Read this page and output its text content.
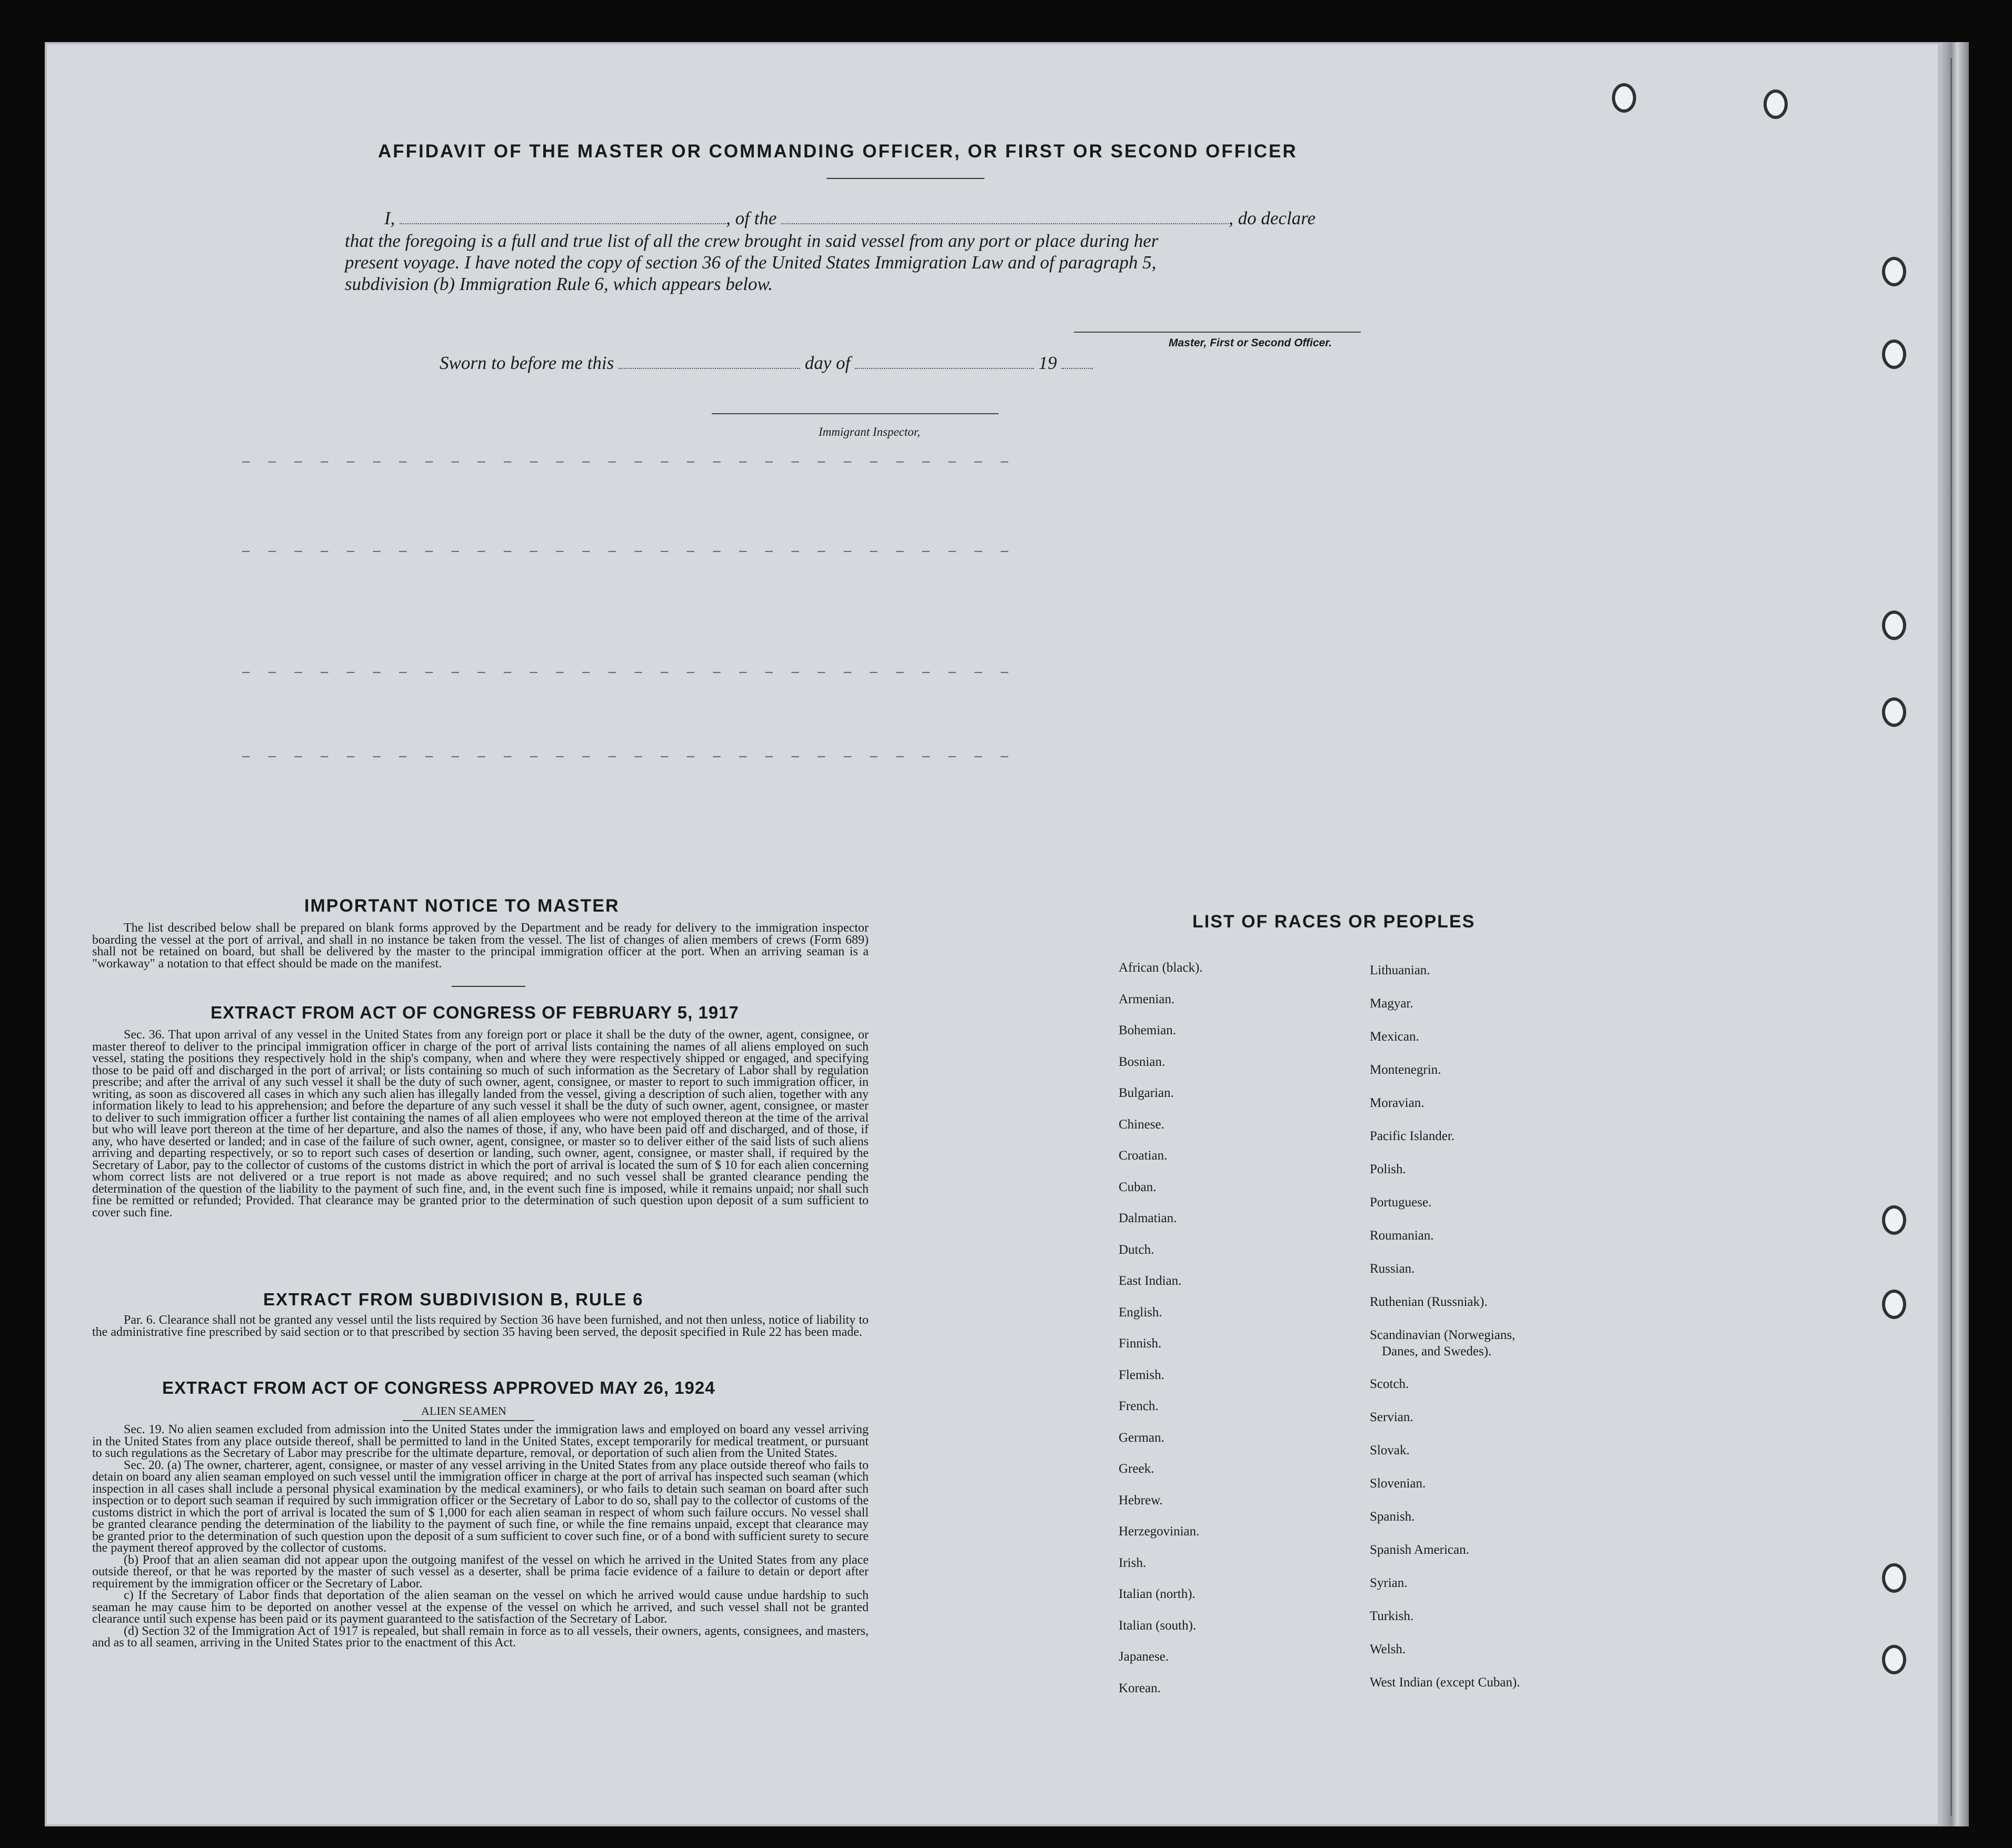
AFFIDAVIT OF THE MASTER OR COMMANDING OFFICER, OR FIRST OR SECOND OFFICER
I,	, of the	, do declare
that the foregoing is a full and true list of all the crew brought in said vessel from any port or place during her
present voyage. I have noted the copy of section 36 of the United States Immigration Law and of paragraph 5,
subdivision (b) Immigration Rule 6, which appears below.
Master, First or Second Officer.
Sworn to before me this	day of	19
Immigrant Inspector,
– – – – – – – – – – – – – – – – – – – – – – – – – – – – – –
– – – – – – – – – – – – – – – – – – – – – – – – – – – – – –
– – – – – – – – – – – – – – – – – – – – – – – – – – – – – –
– – – – – – – – – – – – – – – – – – – – – – – – – – – – – –
IMPORTANT NOTICE TO MASTER

The list described below shall be prepared on blank forms approved by the Department and be ready for delivery to the immigration inspector boarding the vessel at the port of arrival, and shall in no instance be taken from the vessel. The list of changes of alien members of crews (Form 689) shall not be retained on board, but shall be delivered by the master to the principal immigration officer at the port. When an arriving seaman is a "workaway" a notation to that effect should be made on the manifest.

EXTRACT FROM ACT OF CONGRESS OF FEBRUARY 5, 1917

Sec. 36. That upon arrival of any vessel in the United States from any foreign port or place it shall be the duty of the owner, agent, consignee, or master thereof to deliver to the principal immigration officer in charge of the port of arrival lists containing the names of all aliens employed on such vessel, stating the positions they respectively hold in the ship's company, when and where they were respectively shipped or engaged, and specifying those to be paid off and discharged in the port of arrival; or lists containing so much of such information as the Secretary of Labor shall by regulation prescribe; and after the arrival of any such vessel it shall be the duty of such owner, agent, consignee, or master to report to such immigration officer, in writing, as soon as discovered all cases in which any such alien has illegally landed from the vessel, giving a description of such alien, together with any information likely to lead to his apprehension; and before the departure of any such vessel it shall be the duty of such owner, agent, consignee, or master to deliver to such immigration officer a further list containing the names of all alien employees who were not employed thereon at the time of the arrival but who will leave port thereon at the time of her departure, and also the names of those, if any, who have been paid off and discharged, and of those, if any, who have deserted or landed; and in case of the failure of such owner, agent, consignee, or master so to deliver either of the said lists of such aliens arriving and departing respectively, or so to report such cases of desertion or landing, such owner, agent, consignee, or master shall, if required by the Secretary of Labor, pay to the collector of customs of the customs district in which the port of arrival is located the sum of $ 10 for each alien concerning whom correct lists are not delivered or a true report is not made as above required; and no such vessel shall be granted clearance pending the determination of the question of the liability to the payment of such fine, and, in the event such fine is imposed, while it remains unpaid; nor shall such fine be remitted or refunded; Provided. That clearance may be granted prior to the determination of such question upon deposit of a sum sufficient to cover such fine.

EXTRACT FROM SUBDIVISION B, RULE 6

Par. 6. Clearance shall not be granted any vessel until the lists required by Section 36 have been furnished, and not then unless, notice of liability to the administrative fine prescribed by said section or to that prescribed by section 35 having been served, the deposit specified in Rule 22 has been made.

EXTRACT FROM ACT OF CONGRESS APPROVED MAY 26, 1924
ALIEN SEAMEN

Sec. 19. No alien seamen excluded from admission into the United States under the immigration laws and employed on board any vessel arriving in the United States from any place outside thereof, shall be permitted to land in the United States, except temporarily for medical treatment, or pursuant to such regulations as the Secretary of Labor may prescribe for the ultimate departure, removal, or deportation of such alien from the United States.

Sec. 20. (a) The owner, charterer, agent, consignee, or master of any vessel arriving in the United States from any place outside thereof who fails to detain on board any alien seaman employed on such vessel until the immigration officer in charge at the port of arrival has inspected such seaman (which inspection in all cases shall include a personal physical examination by the medical examiners), or who fails to detain such seaman on board after such inspection or to deport such seaman if required by such immigration officer or the Secretary of Labor to do so, shall pay to the collector of customs of the customs district in which the port of arrival is located the sum of $ 1,000 for each alien seaman in respect of whom such failure occurs. No vessel shall be granted clearance pending the determination of the liability to the payment of such fine, or while the fine remains unpaid, except that clearance may be granted prior to the determination of such question upon the deposit of a sum sufficient to cover such fine, or of a bond with sufficient surety to secure the payment thereof approved by the collector of customs.

(b) Proof that an alien seaman did not appear upon the outgoing manifest of the vessel on which he arrived in the United States from any place outside thereof, or that he was reported by the master of such vessel as a deserter, shall be prima facie evidence of a failure to detain or deport after requirement by the immigration officer or the Secretary of Labor.

c) If the Secretary of Labor finds that deportation of the alien seaman on the vessel on which he arrived would cause undue hardship to such seaman he may cause him to be deported on another vessel at the expense of the vessel on which he arrived, and such vessel shall not be granted clearance until such expense has been paid or its payment guaranteed to the satisfaction of the Secretary of Labor.

(d) Section 32 of the Immigration Act of 1917 is repealed, but shall remain in force as to all vessels, their owners, agents, consignees, and masters, and as to all seamen, arriving in the United States prior to the enactment of this Act.

LIST OF RACES OR PEOPLES
African (black).
Armenian.
Bohemian.
Bosnian.
Bulgarian.
Chinese.
Croatian.
Cuban.
Dalmatian.
Dutch.
East Indian.
English.
Finnish.
Flemish.
French.
German.
Greek.
Hebrew.
Herzegovinian.
Irish.
Italian (north).
Italian (south).
Japanese.
Korean.
Lithuanian.
Magyar.
Mexican.
Montenegrin.
Moravian.
Pacific Islander.
Polish.
Portuguese.
Roumanian.
Russian.
Ruthenian (Russniak).
Scandinavian (Norwegians,
Danes, and Swedes).
Scotch.
Servian.
Slovak.
Slovenian.
Spanish.
Spanish American.
Syrian.
Turkish.
Welsh.
West Indian (except Cuban).
